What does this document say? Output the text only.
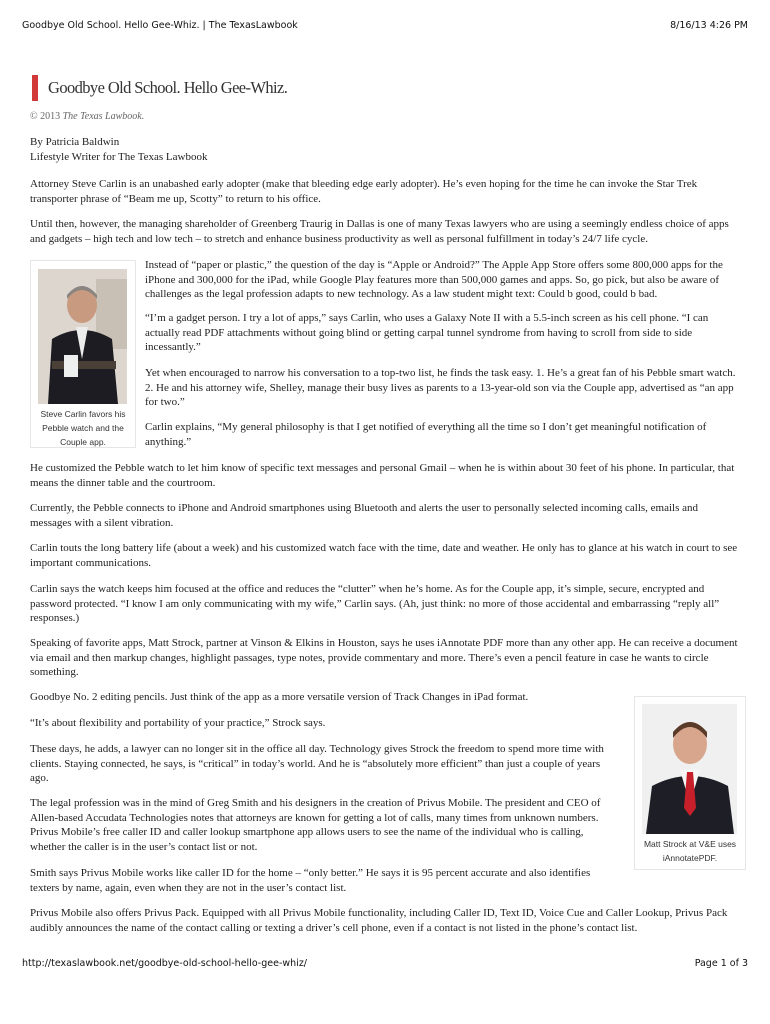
Goodbye Old School. Hello Gee-Whiz. | The TexasLawbook	8/16/13 4:26 PM
Goodbye Old School. Hello Gee-Whiz.
© 2013 The Texas Lawbook.
By Patricia Baldwin
Lifestyle Writer for The Texas Lawbook

Attorney Steve Carlin is an unabashed early adopter (make that bleeding edge early adopter). He’s even hoping for the time he can invoke the Star Trek transporter phrase of “Beam me up, Scotty” to return to his office.

Until then, however, the managing shareholder of Greenberg Traurig in Dallas is one of many Texas lawyers who are using a seemingly endless choice of apps and gadgets – high tech and low tech – to stretch and enhance business productivity as well as personal fulfillment in today’s 24/7 life cycle.

Steve Carlin favors his Pebble watch and the Couple app.

Instead of “paper or plastic,” the question of the day is “Apple or Android?” The Apple App Store offers some 800,000 apps for the iPhone and 300,000 for the iPad, while Google Play features more than 500,000 games and apps. So, go pick, but also be aware of challenges as the legal profession adapts to new technology. As a law student might text: Could b good, could b bad.

“I’m a gadget person. I try a lot of apps,” says Carlin, who uses a Galaxy Note II with a 5.5-inch screen as his cell phone. “I can actually read PDF attachments without going blind or getting carpal tunnel syndrome from having to scroll from side to side incessantly.”

Yet when encouraged to narrow his conversation to a top-two list, he finds the task easy. 1. He’s a great fan of his Pebble smart watch. 2. He and his attorney wife, Shelley, manage their busy lives as parents to a 13-year-old son via the Couple app, advertised as “an app for two.”

Carlin explains, “My general philosophy is that I get notified of everything all the time so I don’t get meaningful notification of anything.”

He customized the Pebble watch to let him know of specific text messages and personal Gmail – when he is within about 30 feet of his phone. In particular, that means the dinner table and the courtroom.

Currently, the Pebble connects to iPhone and Android smartphones using Bluetooth and alerts the user to personally selected incoming calls, emails and messages with a silent vibration.

Carlin touts the long battery life (about a week) and his customized watch face with the time, date and weather. He only has to glance at his watch in court to see important communications.

Carlin says the watch keeps him focused at the office and reduces the “clutter” when he’s home. As for the Couple app, it’s simple, secure, encrypted and password protected. “I know I am only communicating with my wife,” Carlin says. (Ah, just think: no more of those accidental and embarrassing “reply all” responses.)

Speaking of favorite apps, Matt Strock, partner at Vinson & Elkins in Houston, says he uses iAnnotate PDF more than any other app. He can receive a document via email and then markup changes, highlight passages, type notes, provide commentary and more. There’s even a pencil feature in case he wants to circle something.

Goodbye No. 2 editing pencils. Just think of the app as a more versatile version of Track Changes in iPad format.

“It’s about flexibility and portability of your practice,” Strock says.

These days, he adds, a lawyer can no longer sit in the office all day. Technology gives Strock the freedom to spend more time with clients. Staying connected, he says, is “critical” in today’s world. And he is “absolutely more efficient” than just a couple of years ago.

The legal profession was in the mind of Greg Smith and his designers in the creation of Privus Mobile. The president and CEO of Allen-based Accudata Technologies notes that attorneys are known for getting a lot of calls, many times from unknown numbers. Privus Mobile’s free caller ID and caller lookup smartphone app allows users to see the name of the individual who is calling, whether the caller is in the user’s contact list or not.

Smith says Privus Mobile works like caller ID for the home – “only better.” He says it is 95 percent accurate and also identifies texters by name, again, even when they are not in the user’s contact list.

Matt Strock at V&E uses iAnnotatePDF.

Privus Mobile also offers Privus Pack. Equipped with all Privus Mobile functionality, including Caller ID, Text ID, Voice Cue and Caller Lookup, Privus Pack audibly announces the name of the contact calling or texting a driver’s cell phone, even if a contact is not listed in the phone’s contact list.

http://texaslawbook.net/goodbye-old-school-hello-gee-whiz/	Page 1 of 3
